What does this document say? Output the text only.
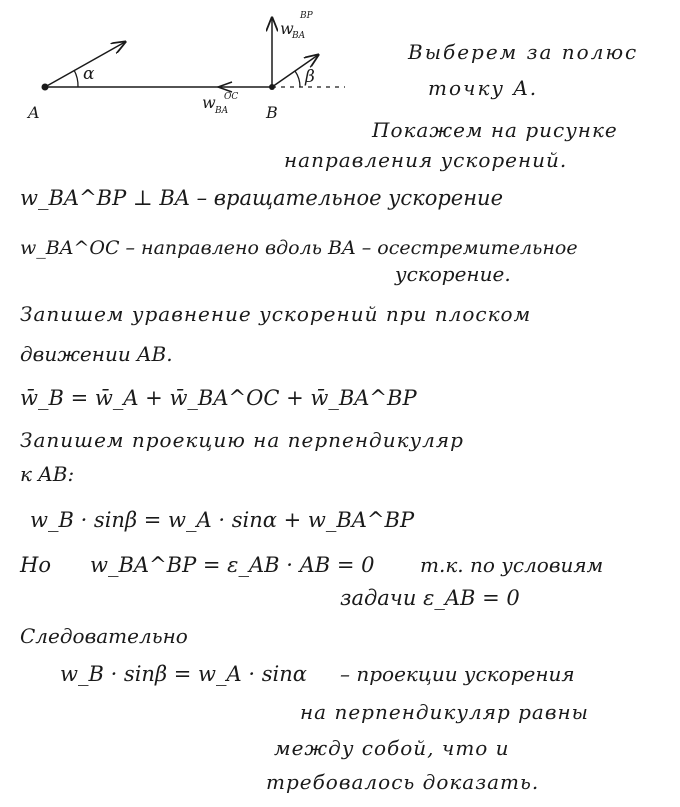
A	B
α	β
w
BA
BP
w BA
OC
Выберем за полюс
точку A.
Покажем на рисунке
направления ускорений.
w_BA^BP ⊥ BA – вращательное ускорение
w_BA^OC – направлено вдоль BA – осестремительное
ускорение.
Запишем уравнение ускорений при плоском
движении AB.
w̄_B = w̄_A + w̄_BA^OC + w̄_BA^BP
Запишем проекцию на перпендикуляр
к AB:
w_B · sinβ = w_A · sinα + w_BA^BP
Но w_BA^BP = ε_AB · AB = 0 т.к. по условиям
задачи ε_AB = 0
Следовательно
w_B · sinβ = w_A · sinα – проекции ускорения
на перпендикуляр равны
между собой, что и
требовалось доказать.
